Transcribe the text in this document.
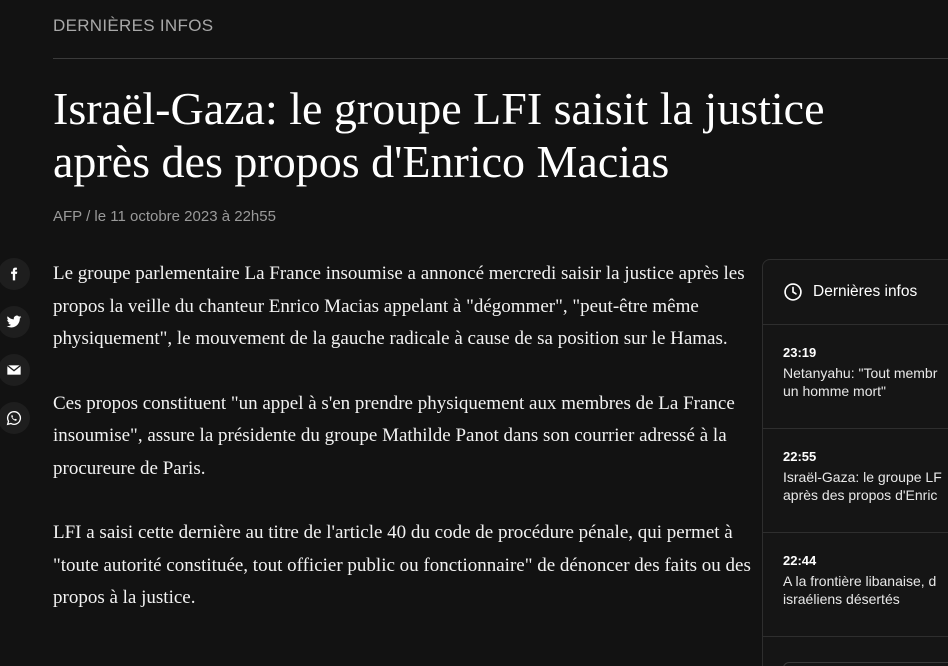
DERNIÈRES INFOS
Israël-Gaza: le groupe LFI saisit la justice après des propos d'Enrico Macias
AFP / le 11 octobre 2023 à 22h55

Le groupe parlementaire La France insoumise a annoncé mercredi saisir la justice après les propos la veille du chanteur Enrico Macias appelant à "dégommer", "peut-être même physiquement", le mouvement de la gauche radicale à cause de sa position sur le Hamas.

Ces propos constituent "un appel à s'en prendre physiquement aux membres de La France insoumise", assure la présidente du groupe Mathilde Panot dans son courrier adressé à la procureure de Paris.

LFI a saisi cette dernière au titre de l'article 40 du code de procédure pénale, qui permet à "toute autorité constituée, tout officier public ou fonctionnaire" de dénoncer des faits ou des propos à la justice.

Dernières infos
23:19
Netanyahu: "Tout membr
un homme mort"
22:55
Israël-Gaza: le groupe LF
après des propos d'Enric
22:44
A la frontière libanaise, d
israéliens désertés
